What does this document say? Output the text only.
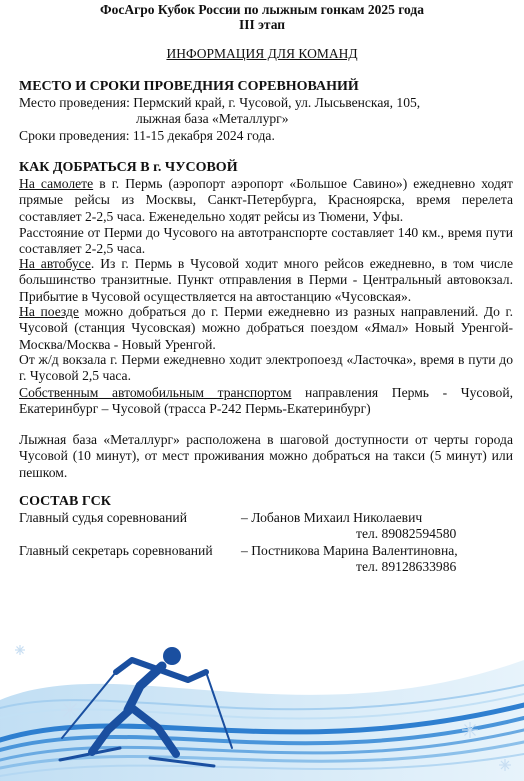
ФосАгро Кубок России по лыжным гонкам 2025 года
III этап
ИНФОРМАЦИЯ ДЛЯ КОМАНД
МЕСТО И СРОКИ ПРОВЕДНИЯ СОРЕВНОВАНИЙ
Место проведения: Пермский край, г. Чусовой, ул. Лысьвенская, 105,
лыжная база «Металлург»
Сроки проведения: 11-15 декабря 2024 года.
КАК ДОБРАТЬСЯ В г. ЧУСОВОЙ
На самолете в г. Пермь (аэропорт аэропорт «Большое Савино») ежедневно ходят прямые рейсы из Москвы, Санкт-Петербурга, Красноярска, время перелета составляет 2-2,5 часа. Еженедельно ходят рейсы из Тюмени, Уфы.
Расстояние от Перми до Чусового на автотранспорте составляет 140 км., время пути составляет 2-2,5 часа.
На автобусе. Из г. Пермь в Чусовой ходит много рейсов ежедневно, в том числе большинство транзитные. Пункт отправления в Перми - Центральный автовокзал. Прибытие в Чусовой осуществляется на автостанцию «Чусовская».
На поезде можно добраться до г. Перми ежедневно из разных направлений. До г. Чусовой (станция Чусовская) можно добраться поездом «Ямал» Новый Уренгой-Москва/Москва - Новый Уренгой.
От ж/д вокзала г. Перми ежедневно ходит электропоезд «Ласточка», время в пути до г. Чусовой 2,5 часа.
Собственным автомобильным транспортом направления Пермь - Чусовой, Екатеринбург – Чусовой (трасса Р-242 Пермь-Екатеринбург)
Лыжная база «Металлург» расположена в шаговой доступности от черты города Чусовой (10 минут), от мест проживания можно добраться на такси (5 минут) или пешком.
СОСТАВ ГСК
Главный судья соревнований	– Лобанов Михаил Николаевич
тел. 89082594580
Главный секретарь соревнований – Постникова Марина Валентиновна,
тел. 89128633986
